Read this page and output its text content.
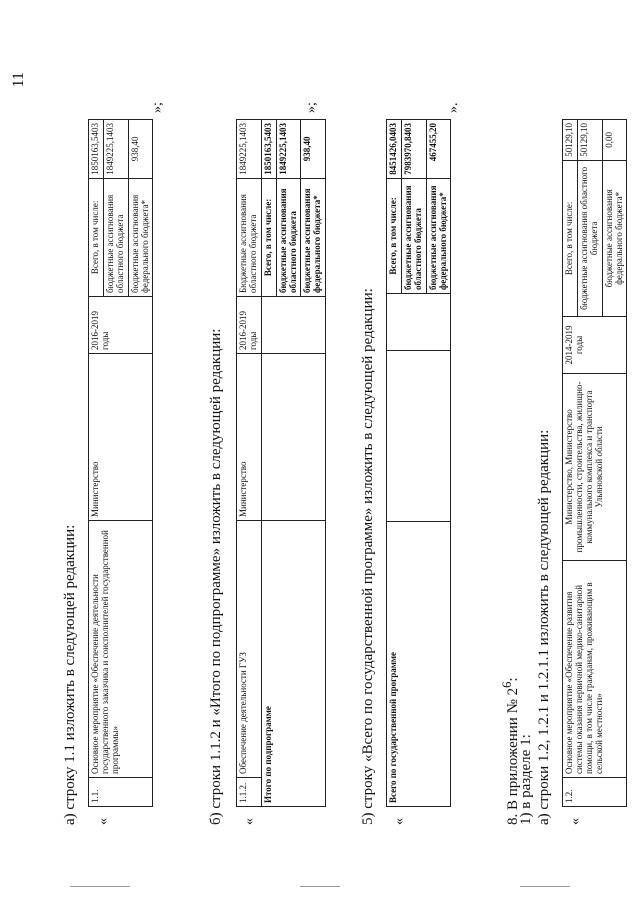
11
а) строку 1.1 изложить в следующей редакции: «
1.1.	Основное мероприятие «Обеспечение деятельности государственного заказчика и соисполнителей государственной программы»	Министерство	2016-2019 годы	Всего, в том числе:	1850163,5403
				бюджетные ассигнования областного бюджета	1849225,1403
				бюджетные ассигнования федерального бюджета*	938,40
»;
б) строки 1.1.2 и «Итого по подпрограмме» изложить в следующей редакции: «
1.1.2.	Обеспечение деятельности ГУЗ	Министерство	2016-2019 годы	Бюджетные ассигнования областного бюджета	1849225,1403
Итого по подпрограмме				Всего, в том числе:	1850163,5403
				бюджетные ассигнования областного бюджета	1849225,1403
				бюджетные ассигнования федерального бюджета*	938,40
»;
5) строку «Всего по государственной программе» изложить в следующей редакции: «
Всего по государственной программе			Всего, в том числе:	8451426,0403
			бюджетные ассигнования областного бюджета	7983970,8403
			бюджетные ассигнования федерального бюджета*	467455,20
».
8. В приложении № $2^6$:
1) в разделе 1: а) строки 1.2, 1.2.1 и 1.2.1.1 изложить в следующей редакции: «
1.2.	Основное мероприятие «Обеспечение развития системы оказания первичной медико-санитарной помощи, в том числе гражданам, проживающим в сельской местности»	Министерство, Министерство промышленности, строительства, жилищно-коммунального комплекса и транспорта Ульяновской области	2014-2019 годы	Всего, в том числе:	50129,10
				бюджетные ассигнования областного бюджета	50129,10
				бюджетные ассигнования федерального бюджета*	0,00
